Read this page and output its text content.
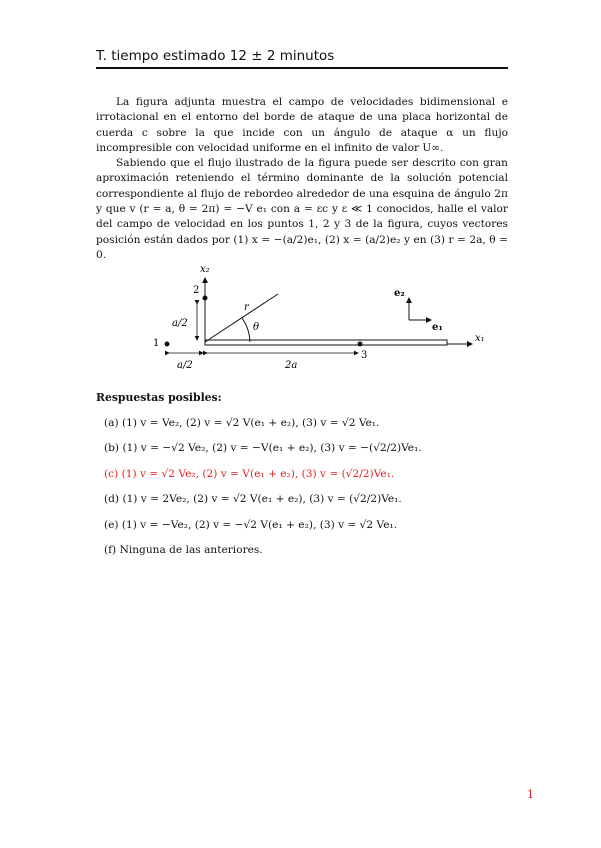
T. tiempo estimado 12 ± 2 minutos

La figura adjunta muestra el campo de velocidades bidimensional e irrotacional en el entorno del borde de ataque de una placa horizontal de cuerda c sobre la que incide con un ángulo de ataque α un flujo incompresible con velocidad uniforme en el infinito de valor U∞.

Sabiendo que el flujo ilustrado de la figura puede ser descrito con gran aproximación reteniendo el término dominante de la solución potencial correspondiente al flujo de rebordeo alrededor de una esquina de ángulo 2π y que v (r = a, θ = 2π) = −V e₁ con a = εc y ε ≪ 1 conocidos, halle el valor del campo de velocidad en los puntos 1, 2 y 3 de la figura, cuyos vectores posición están dados por (1) x = −(a/2)e₁, (2) x = (a/2)e₂ y en (3) r = 2a, θ = 0.

x₂
x₁
r
θ
2
a/2
1
a/2
3
2a
e₂
e₁
Respuestas posibles:
(a) (1) v = Ve₂, (2) v = √2 V(e₁ + e₂), (3) v = √2 Ve₁.
(b) (1) v = −√2 Ve₂, (2) v = −V(e₁ + e₂), (3) v = −(√2/2)Ve₁.
(c) (1) v = √2 Ve₂, (2) v = V(e₁ + e₂), (3) v = (√2/2)Ve₁.
(d) (1) v = 2Ve₂, (2) v = √2 V(e₁ + e₂), (3) v = (√2/2)Ve₁.
(e) (1) v = −Ve₂, (2) v = −√2 V(e₁ + e₂), (3) v = √2 Ve₁.
(f) Ninguna de las anteriores.
1
